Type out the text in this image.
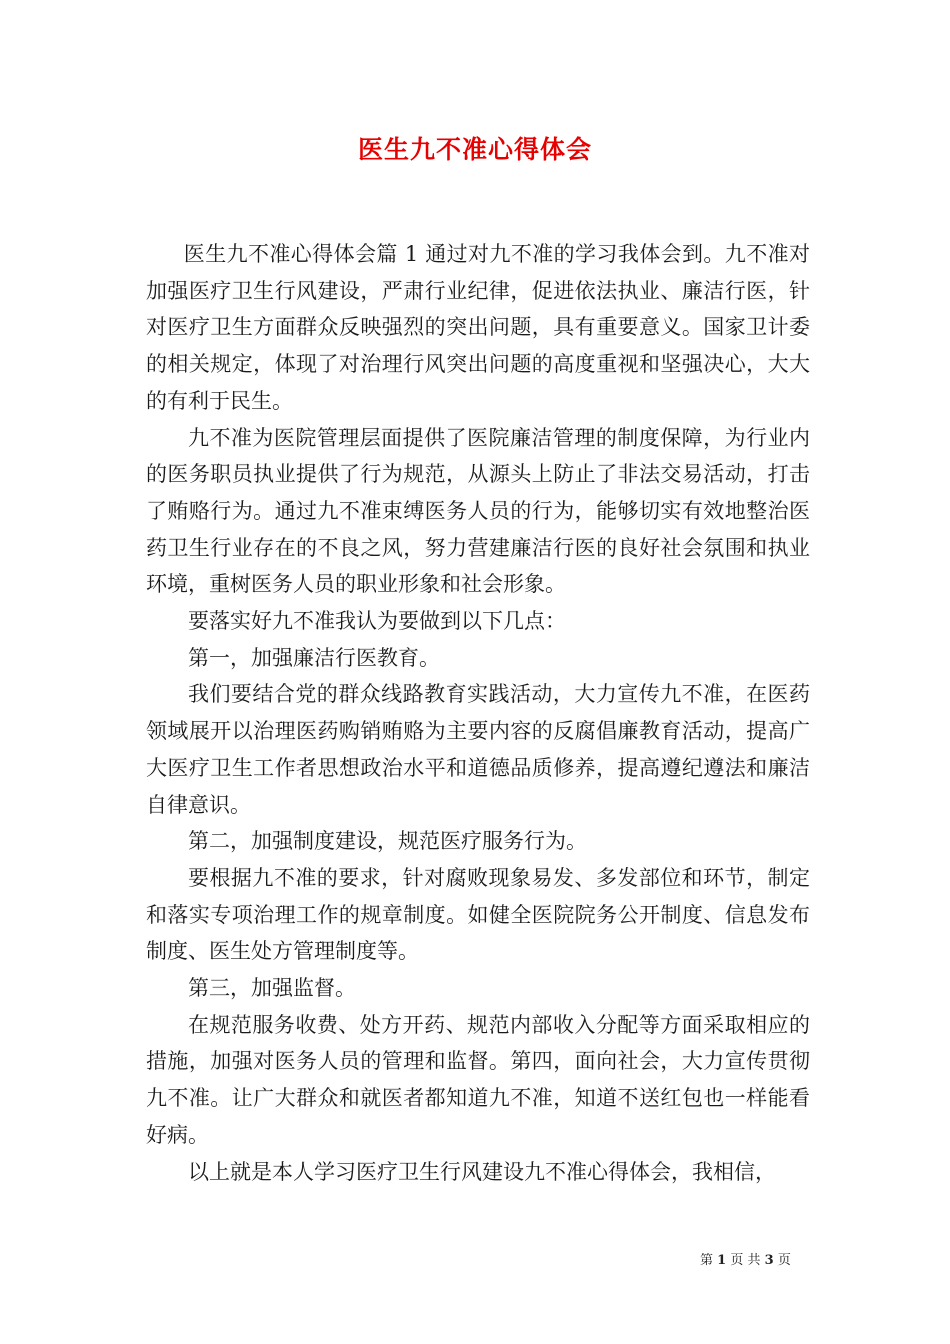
医生九不准心得体会

医生九不准心得体会篇 1 通过对九不准的学习我体会到。九不准对加强医疗卫生行风建设，严肃行业纪律，促进依法执业、廉洁行医，针对医疗卫生方面群众反映强烈的突出问题，具有重要意义。国家卫计委的相关规定，体现了对治理行风突出问题的高度重视和坚强决心，大大的有利于民生。

九不准为医院管理层面提供了医院廉洁管理的制度保障，为行业内的医务职员执业提供了行为规范，从源头上防止了非法交易活动，打击了贿赂行为。通过九不准束缚医务人员的行为，能够切实有效地整治医药卫生行业存在的不良之风，努力营建廉洁行医的良好社会氛围和执业环境，重树医务人员的职业形象和社会形象。

要落实好九不准我认为要做到以下几点：

第一，加强廉洁行医教育。

我们要结合党的群众线路教育实践活动，大力宣传九不准，在医药领域展开以治理医药购销贿赂为主要内容的反腐倡廉教育活动，提高广大医疗卫生工作者思想政治水平和道德品质修养，提高遵纪遵法和廉洁自律意识。

第二，加强制度建设，规范医疗服务行为。

要根据九不准的要求，针对腐败现象易发、多发部位和环节，制定和落实专项治理工作的规章制度。如健全医院院务公开制度、信息发布制度、医生处方管理制度等。

第三，加强监督。

在规范服务收费、处方开药、规范内部收入分配等方面采取相应的措施，加强对医务人员的管理和监督。第四，面向社会，大力宣传贯彻九不准。让广大群众和就医者都知道九不准，知道不送红包也一样能看好病。

以上就是本人学习医疗卫生行风建设九不准心得体会，我相信，

第 1 页 共 3 页
